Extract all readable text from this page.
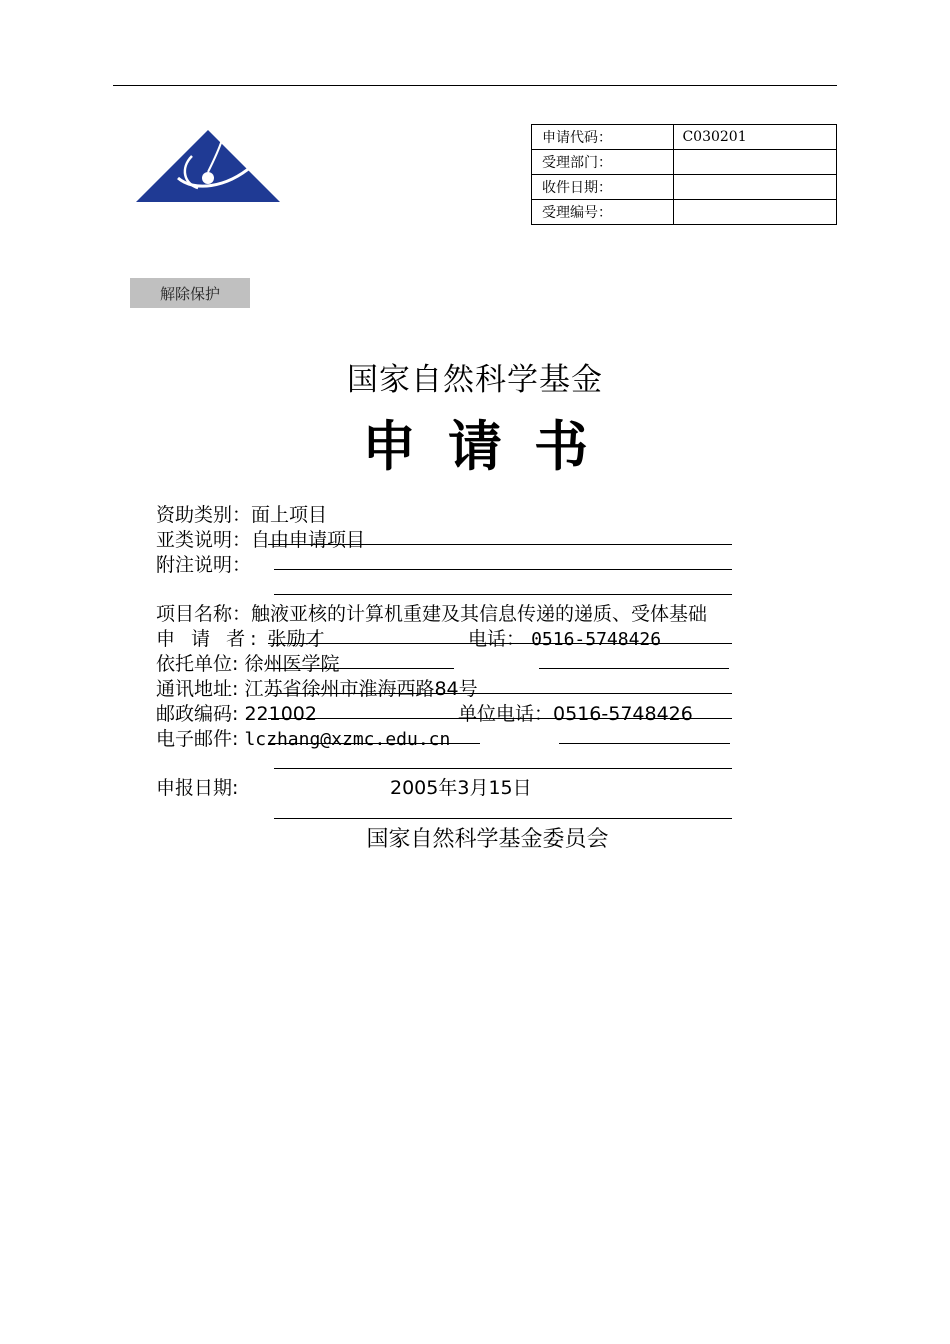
申请代码：	C030201
受理部门：	
收件日期：	
受理编号：	
解除保护
国家自然科学基金
申请书
资助类别：面上项目
亚类说明：自由申请项目
附注说明：
项目名称：触液亚核的计算机重建及其信息传递的递质、受体基础
申 请 者: 张励才	电话： 0516-5748426
依托单位: 徐州医学院
通讯地址: 江苏省徐州市淮海西路84号
邮政编码: 221002	单位电话：0516-5748426
电子邮件: lczhang@xzmc.edu.cn
申报日期:	2005年3月15日
国家自然科学基金委员会
